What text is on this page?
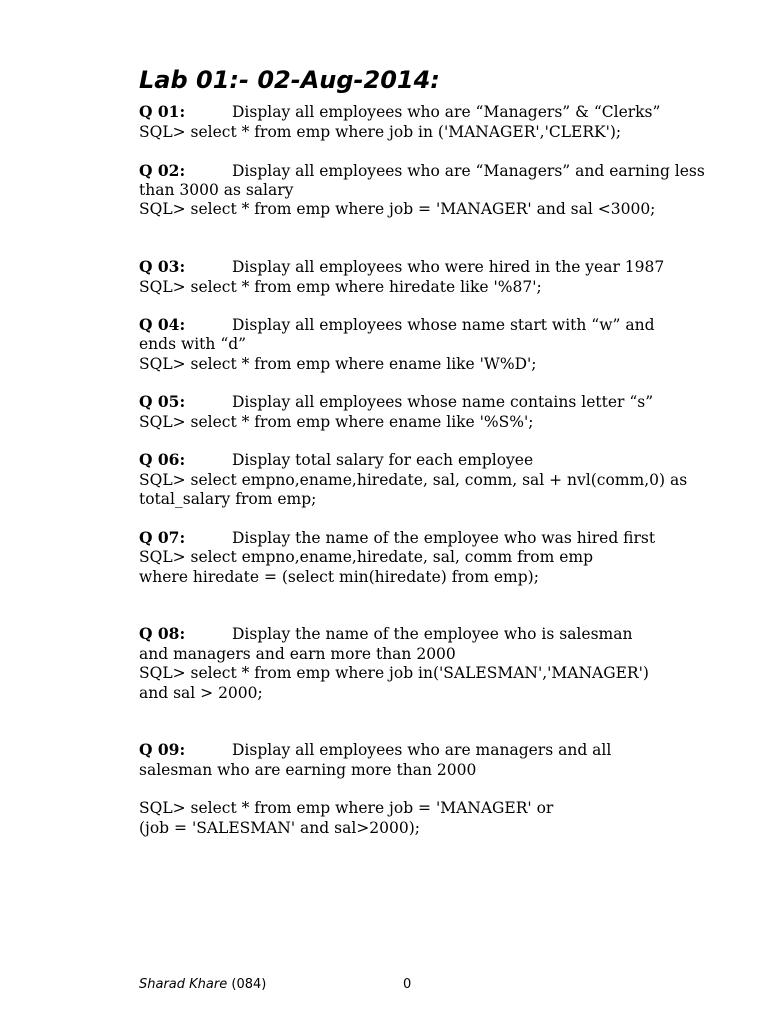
Lab 01:- 02-Aug-2014:
Q 01:	Display all employees who are “Managers” & “Clerks”
SQL> select * from emp where job in ('MANAGER','CLERK');
Q 02:	Display all employees who are “Managers” and earning less
than 3000 as salary
SQL> select * from emp where job = 'MANAGER' and sal <3000;
Q 03:	Display all employees who were hired in the year 1987
SQL> select * from emp where hiredate like '%87';
Q 04:	Display all employees whose name start with “w” and
ends with “d”
SQL> select * from emp where ename like 'W%D';
Q 05:	Display all employees whose name contains letter “s”
SQL> select * from emp where ename like '%S%';
Q 06:	Display total salary for each employee
SQL> select empno,ename,hiredate, sal, comm, sal + nvl(comm,0) as
total_salary from emp;
Q 07:	Display the name of the employee who was hired first
SQL> select empno,ename,hiredate, sal, comm from emp
where hiredate = (select min(hiredate) from emp);
Q 08:	Display the name of the employee who is salesman
and managers and earn more than 2000
SQL> select * from emp where job in('SALESMAN','MANAGER')
and sal > 2000;
Q 09:	Display all employees who are managers and all
salesman who are earning more than 2000
SQL> select * from emp where job = 'MANAGER' or
(job = 'SALESMAN' and sal>2000);
Sharad Khare (084)	0
